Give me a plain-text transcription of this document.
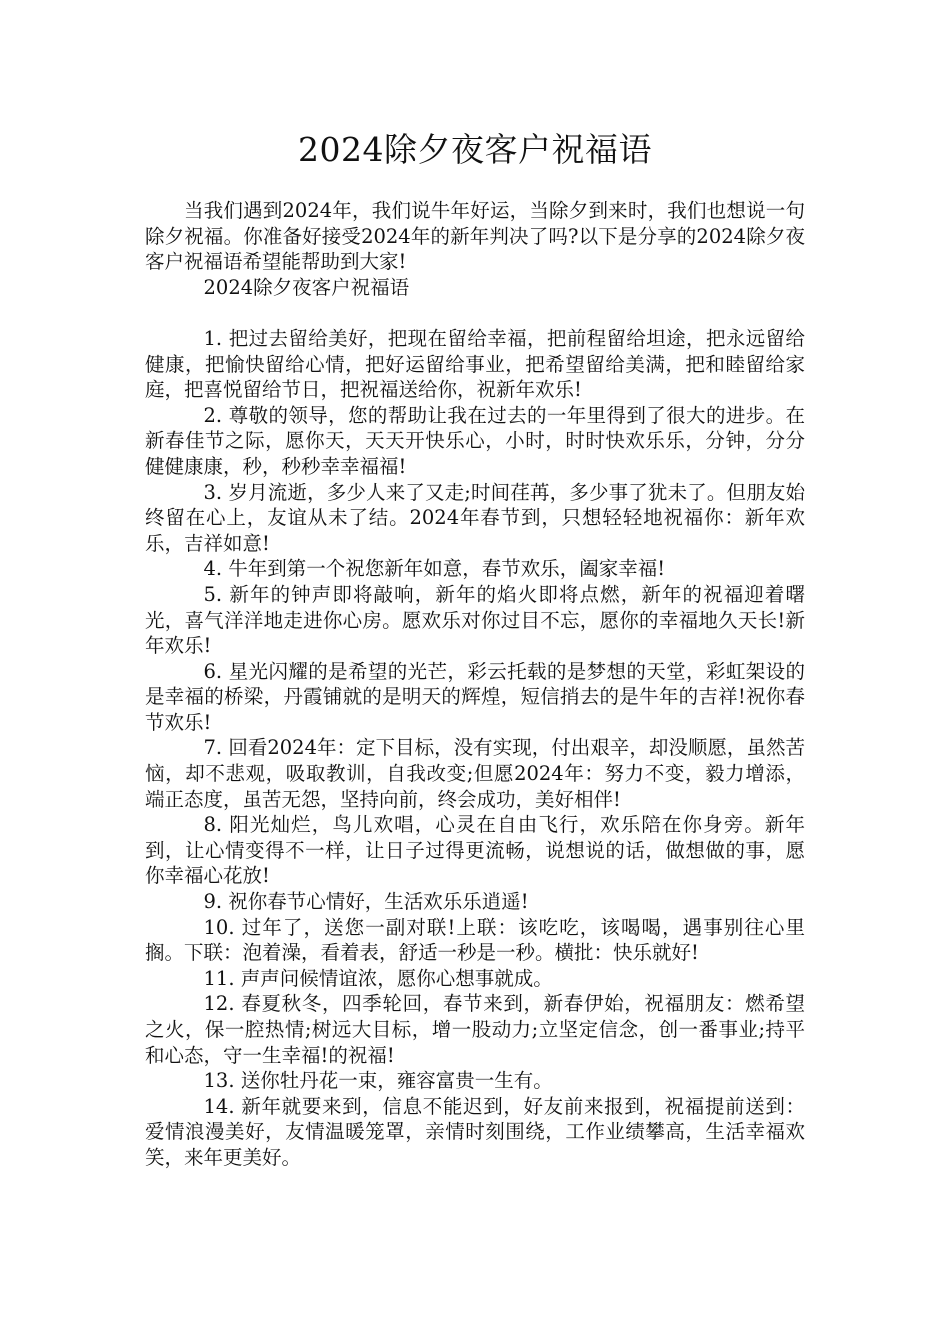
2024除夕夜客户祝福语

当我们遇到2024年，我们说牛年好运，当除夕到来时，我们也想说一句除夕祝福。你准备好接受2024年的新年判决了吗?以下是分享的2024除夕夜客户祝福语希望能帮助到大家!

2024除夕夜客户祝福语

1. 把过去留给美好，把现在留给幸福，把前程留给坦途，把永远留给健康，把愉快留给心情，把好运留给事业，把希望留给美满，把和睦留给家庭，把喜悦留给节日，把祝福送给你，祝新年欢乐!

2. 尊敬的领导，您的帮助让我在过去的一年里得到了很大的进步。在新春佳节之际，愿你天，天天开快乐心，小时，时时快欢乐乐，分钟，分分健健康康，秒，秒秒幸幸福福!

3. 岁月流逝，多少人来了又走;时间荏苒，多少事了犹未了。但朋友始终留在心上，友谊从未了结。2024年春节到，只想轻轻地祝福你：新年欢乐，吉祥如意!

4. 牛年到第一个祝您新年如意，春节欢乐，阖家幸福!

5. 新年的钟声即将敲响，新年的焰火即将点燃，新年的祝福迎着曙光，喜气洋洋地走进你心房。愿欢乐对你过目不忘，愿你的幸福地久天长!新年欢乐!

6. 星光闪耀的是希望的光芒，彩云托载的是梦想的天堂，彩虹架设的是幸福的桥梁，丹霞铺就的是明天的辉煌，短信捎去的是牛年的吉祥!祝你春节欢乐!

7. 回看2024年：定下目标，没有实现，付出艰辛，却没顺愿，虽然苦恼，却不悲观，吸取教训，自我改变;但愿2024年：努力不变，毅力增添，端正态度，虽苦无怨，坚持向前，终会成功，美好相伴!

8. 阳光灿烂，鸟儿欢唱，心灵在自由飞行，欢乐陪在你身旁。新年到，让心情变得不一样，让日子过得更流畅，说想说的话，做想做的事，愿你幸福心花放!

9. 祝你春节心情好，生活欢乐乐逍遥!

10. 过年了，送您一副对联!上联：该吃吃，该喝喝，遇事别往心里搁。下联：泡着澡，看着表，舒适一秒是一秒。横批：快乐就好!

11. 声声问候情谊浓，愿你心想事就成。

12. 春夏秋冬，四季轮回，春节来到，新春伊始，祝福朋友：燃希望之火，保一腔热情;树远大目标，增一股动力;立坚定信念，创一番事业;持平和心态，守一生幸福!的祝福!

13. 送你牡丹花一束，雍容富贵一生有。

14. 新年就要来到，信息不能迟到，好友前来报到，祝福提前送到：爱情浪漫美好，友情温暖笼罩，亲情时刻围绕，工作业绩攀高，生活幸福欢笑，来年更美好。
